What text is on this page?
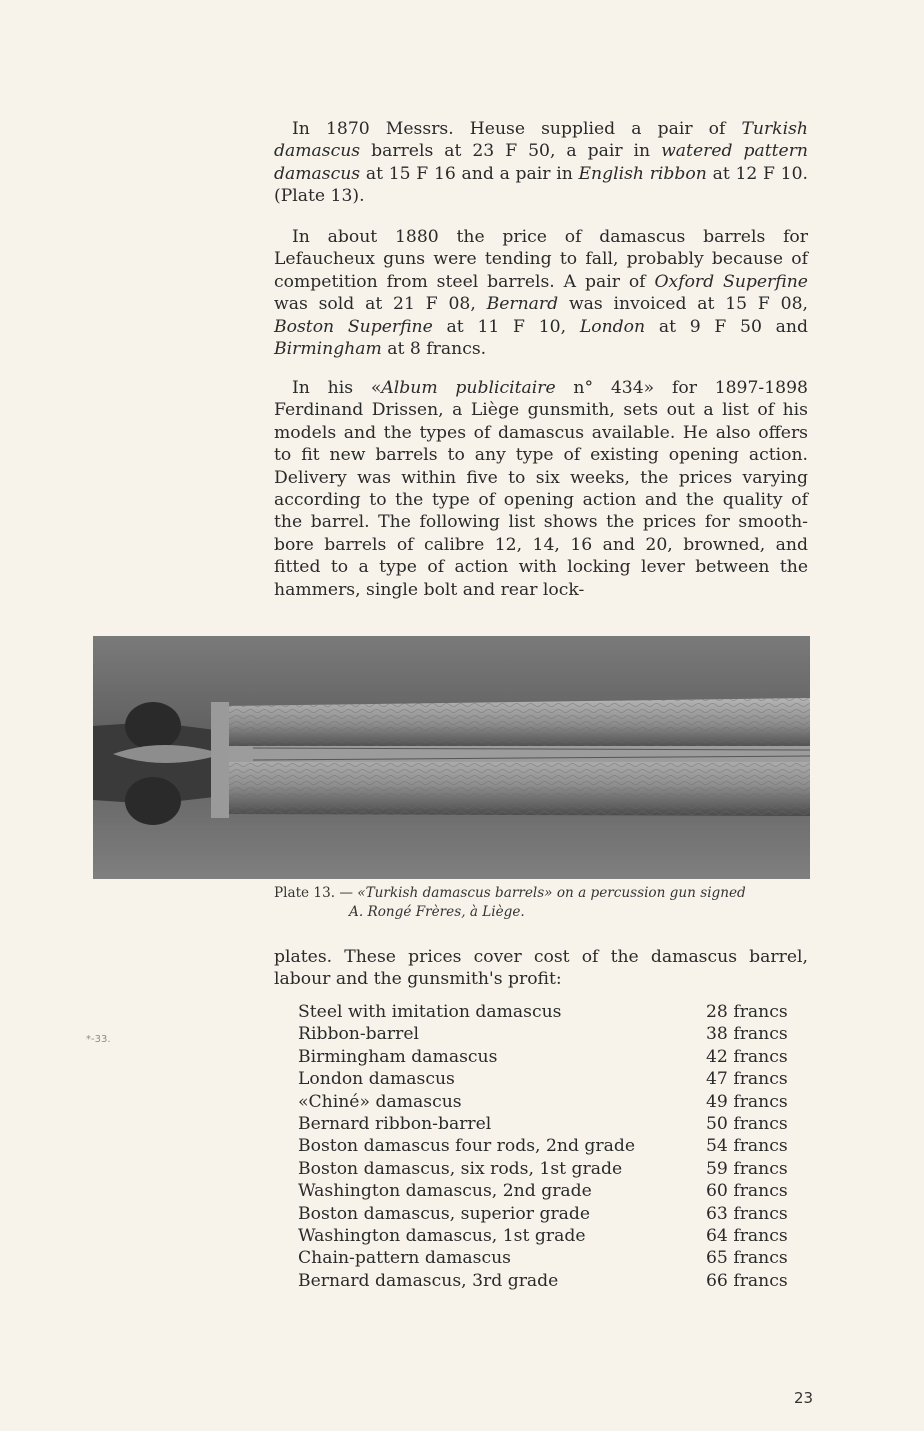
In 1870 Messrs. Heuse supplied a pair of Turkish damascus barrels at 23 F 50, a pair in watered pattern damascus at 15 F 16 and a pair in English ribbon at 12 F 10. (Plate 13).

In about 1880 the price of damascus barrels for Lefaucheux guns were tending to fall, probably because of competition from steel barrels. A pair of Oxford Superfine was sold at 21 F 08, Bernard was invoiced at 15 F 08, Boston Superfine at 11 F 10, London at 9 F 50 and Birmingham at 8 francs.

In his «Album publicitaire n° 434» for 1897-1898 Ferdinand Drissen, a Liège gunsmith, sets out a list of his models and the types of damascus available. He also offers to fit new barrels to any type of existing opening action. Delivery was within five to six weeks, the prices varying according to the type of opening action and the quality of the barrel. The following list shows the prices for smooth-bore barrels of calibre 12, 14, 16 and 20, browned, and fitted to a type of action with locking lever between the hammers, single bolt and rear lock-

Plate 13. — «Turkish damascus barrels» on a percussion gun signed
A. Rongé Frères, à Liège.

plates. These prices cover cost of the damascus barrel, labour and the gunsmith's profit:

Steel with imitation damascus	28 francs
Ribbon-barrel	38 francs
Birmingham damascus	42 francs
London damascus	47 francs
«Chiné» damascus	49 francs
Bernard ribbon-barrel	50 francs
Boston damascus four rods, 2nd grade	54 francs
Boston damascus, six rods, 1st grade	59 francs
Washington damascus, 2nd grade	60 francs
Boston damascus, superior grade	63 francs
Washington damascus, 1st grade	64 francs
Chain-pattern damascus	65 francs
Bernard damascus, 3rd grade	66 francs
*-33.
23
